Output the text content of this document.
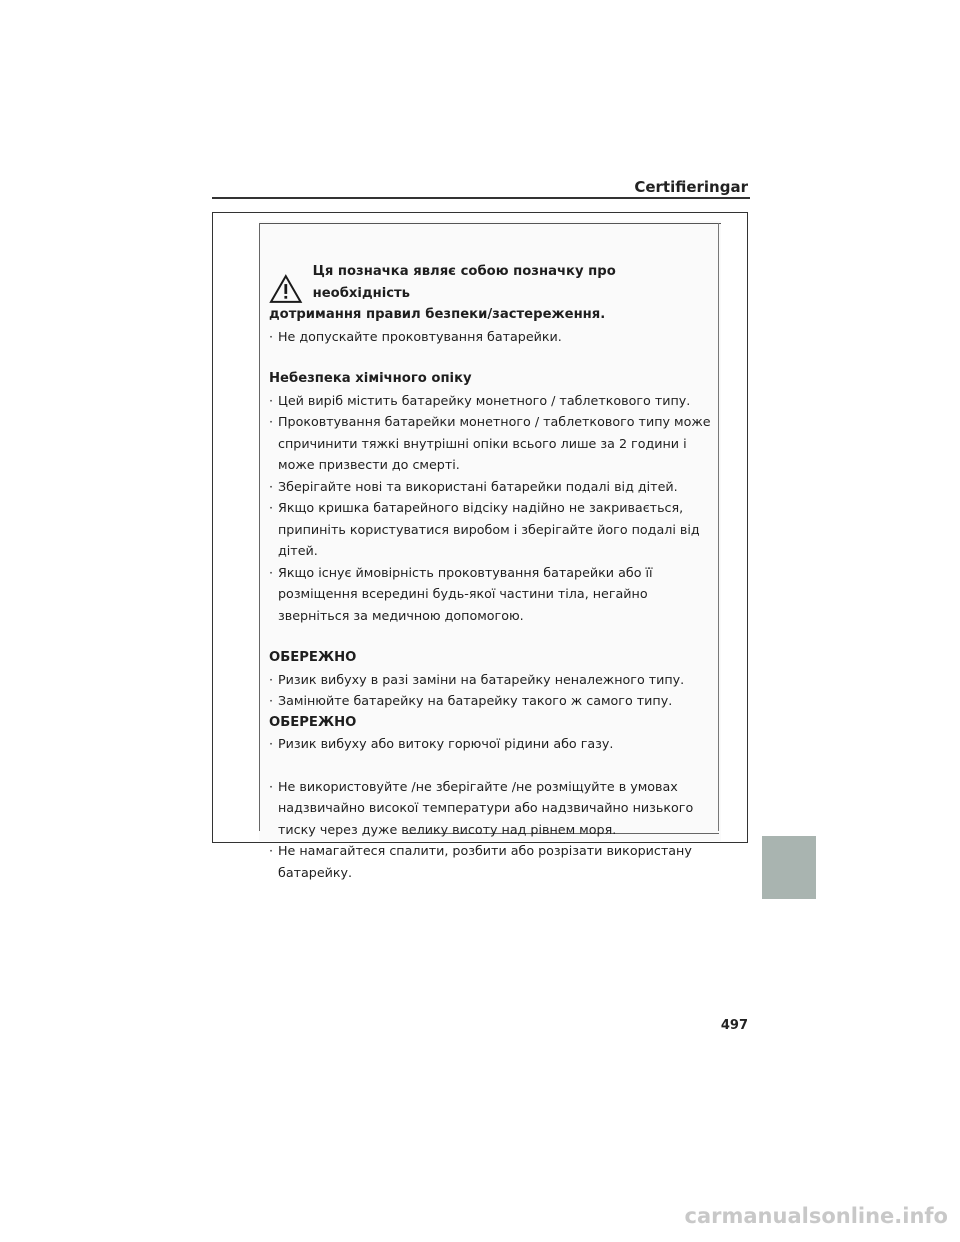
Certifieringar
Ця позначка являє собою позначку про необхідність
дотримання правил безпеки/застереження.
· Не допускайте проковтування батарейки.
Небезпека хімічного опіку
· Цей виріб містить батарейку монетного / таблеткового типу.
· Проковтування батарейки монетного / таблеткового типу може спричинити тяжкі внутрішні опіки всього лише за 2 години і може призвести до смерті.
· Зберігайте нові та використані батарейки подалі від дітей.
· Якщо кришка батарейного відсіку надійно не закривається, припиніть користуватися виробом і зберігайте його подалі від дітей.
· Якщо існує ймовірність проковтування батарейки або її розміщення всередині будь-якої частини тіла, негайно зверніться за медичною допомогою.
ОБЕРЕЖНО
· Ризик вибуху в разі заміни на батарейку неналежного типу.
· Замінюйте батарейку на батарейку такого ж самого типу.
ОБЕРЕЖНО
· Ризик вибуху або витоку горючої рідини або газу.
· Не використовуйте /не зберігайте /не розміщуйте в умовах надзвичайно високої температури або надзвичайно низького тиску через дуже велику висоту над рівнем моря.
· Не намагайтеся спалити, розбити або розрізати використану батарейку.
497
carmanualsonline.info
